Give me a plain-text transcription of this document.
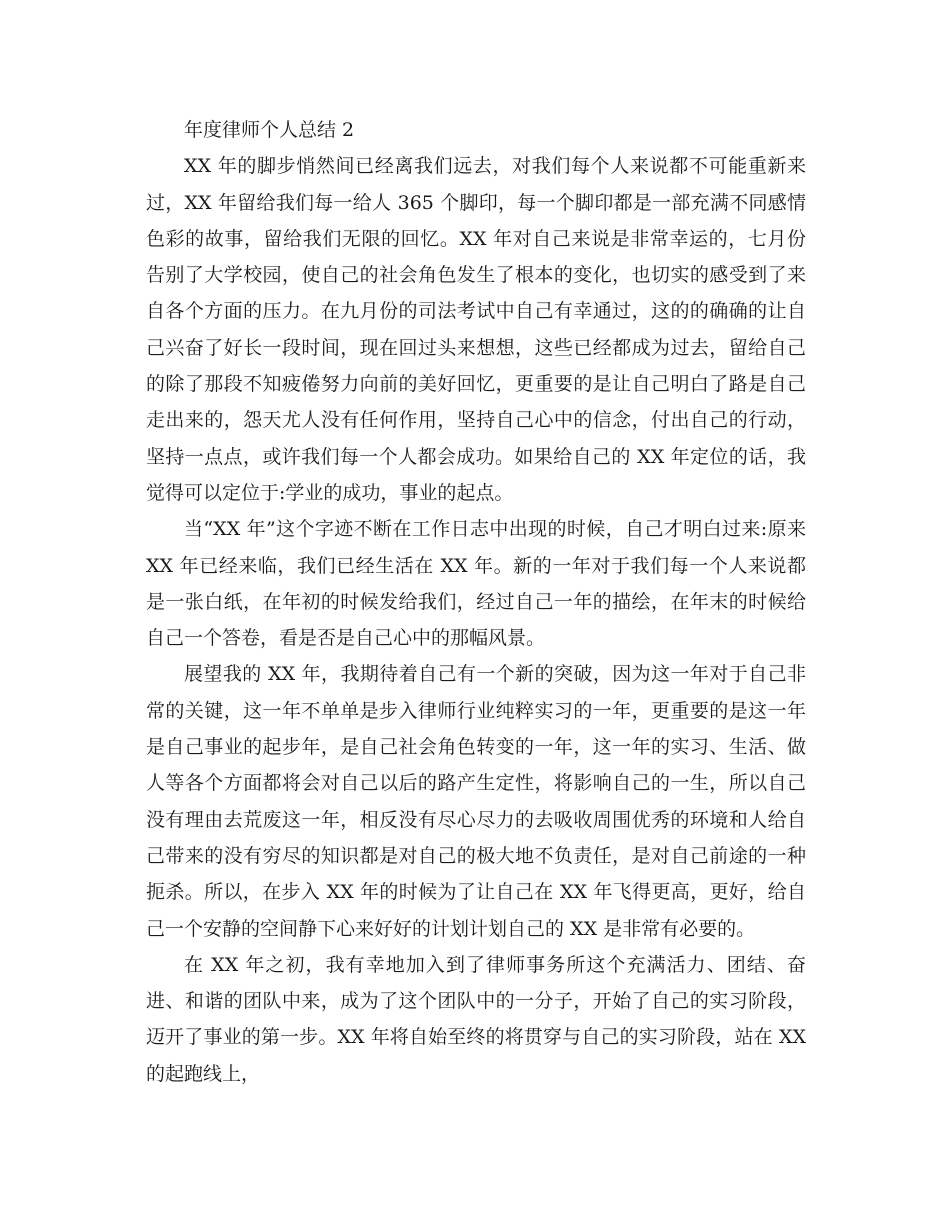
年度律师个人总结 2

XX 年的脚步悄然间已经离我们远去，对我们每个人来说都不可能重新来过，XX 年留给我们每一给人 365 个脚印，每一个脚印都是一部充满不同感情色彩的故事，留给我们无限的回忆。XX 年对自己来说是非常幸运的，七月份告别了大学校园，使自己的社会角色发生了根本的变化，也切实的感受到了来自各个方面的压力。在九月份的司法考试中自己有幸通过，这的的确确的让自己兴奋了好长一段时间，现在回过头来想想，这些已经都成为过去，留给自己的除了那段不知疲倦努力向前的美好回忆，更重要的是让自己明白了路是自己走出来的，怨天尤人没有任何作用，坚持自己心中的信念，付出自己的行动，坚持一点点，或许我们每一个人都会成功。如果给自己的 XX 年定位的话，我觉得可以定位于:学业的成功，事业的起点。

当“XX 年”这个字迹不断在工作日志中出现的时候，自己才明白过来:原来 XX 年已经来临，我们已经生活在 XX 年。新的一年对于我们每一个人来说都是一张白纸，在年初的时候发给我们，经过自己一年的描绘，在年末的时候给自己一个答卷，看是否是自己心中的那幅风景。

展望我的 XX 年，我期待着自己有一个新的突破，因为这一年对于自己非常的关键，这一年不单单是步入律师行业纯粹实习的一年，更重要的是这一年是自己事业的起步年，是自己社会角色转变的一年，这一年的实习、生活、做人等各个方面都将会对自己以后的路产生定性，将影响自己的一生，所以自己没有理由去荒废这一年，相反没有尽心尽力的去吸收周围优秀的环境和人给自己带来的没有穷尽的知识都是对自己的极大地不负责任，是对自己前途的一种扼杀。所以，在步入 XX 年的时候为了让自己在 XX 年飞得更高，更好，给自己一个安静的空间静下心来好好的计划计划自己的 XX 是非常有必要的。

在 XX 年之初，我有幸地加入到了律师事务所这个充满活力、团结、奋进、和谐的团队中来，成为了这个团队中的一分子，开始了自己的实习阶段，迈开了事业的第一步。XX 年将自始至终的将贯穿与自己的实习阶段，站在 XX 的起跑线上，
